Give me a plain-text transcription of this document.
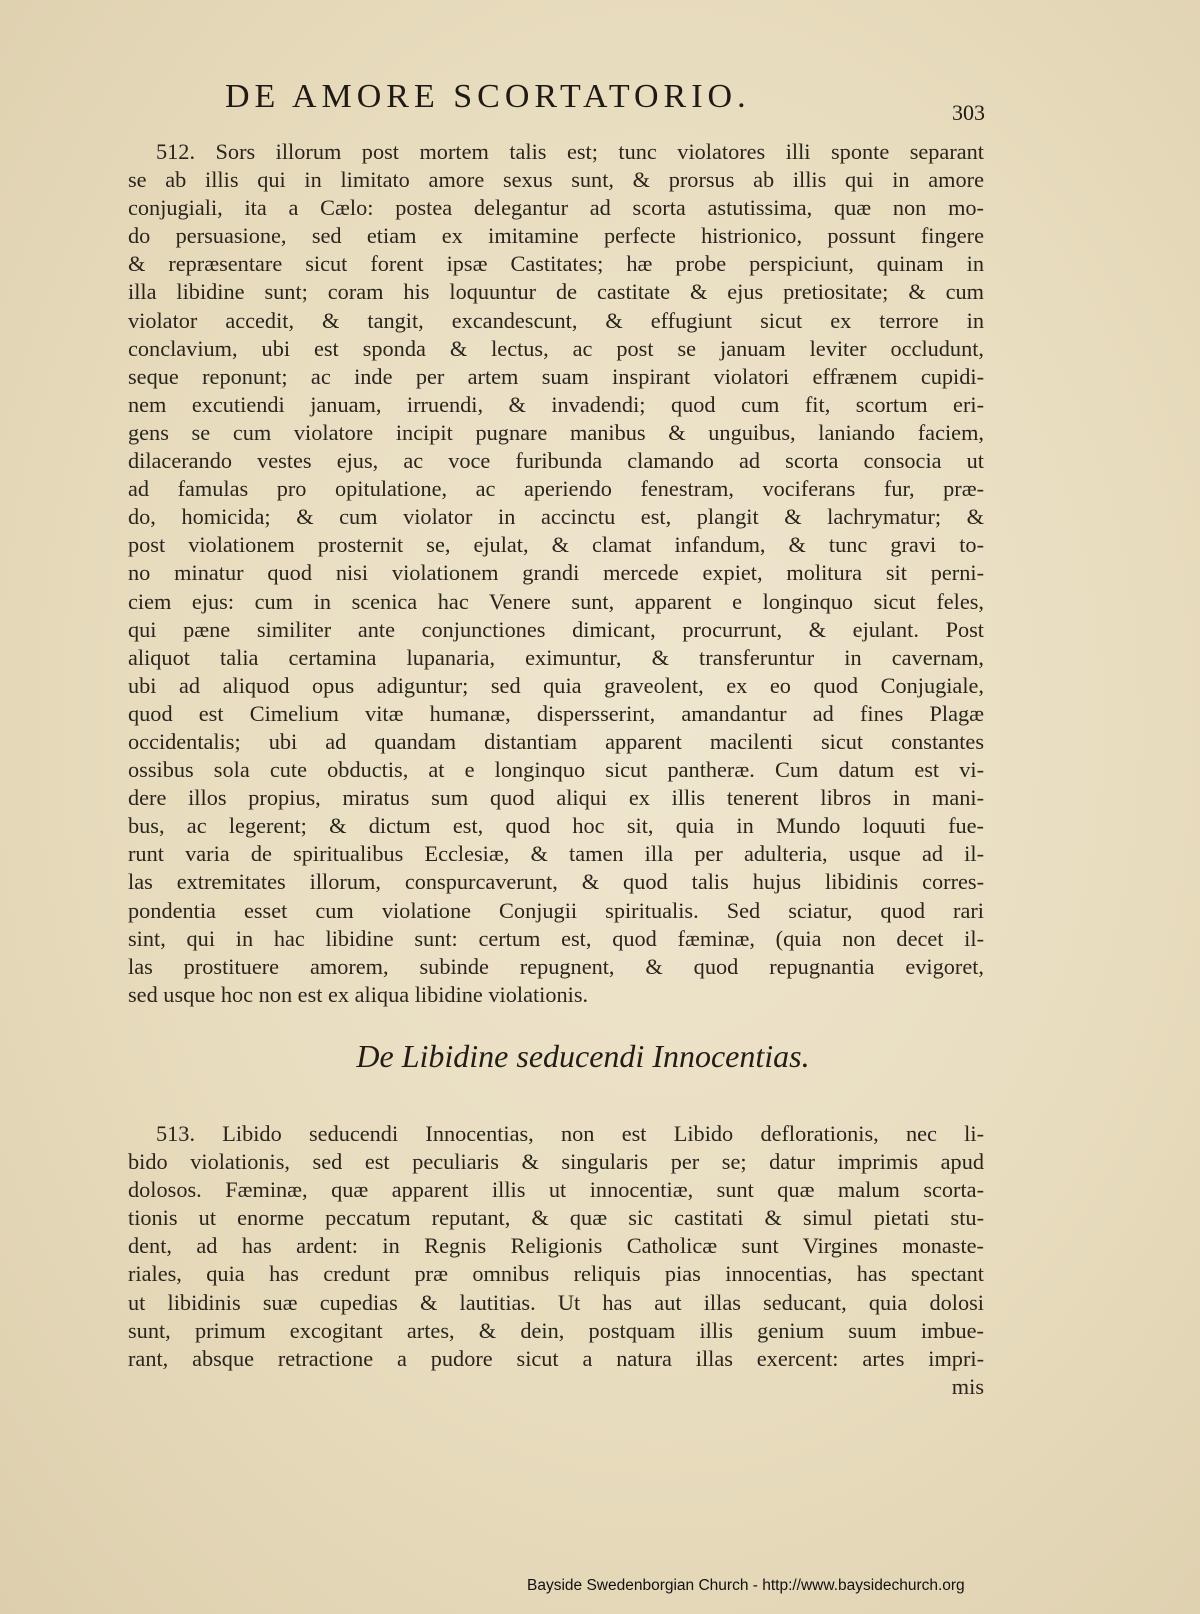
DE AMORE SCORTATORIO.	303
512. Sors illorum post mortem talis est; tunc violatores illi sponte separant
se ab illis qui in limitato amore sexus sunt, & prorsus ab illis qui in amore
conjugiali, ita a Cælo: postea delegantur ad scorta astutissima, quæ non mo-
do persuasione, sed etiam ex imitamine perfecte histrionico, possunt fingere
& repræsentare sicut forent ipsæ Castitates; hæ probe perspiciunt, quinam in
illa libidine sunt; coram his loquuntur de castitate & ejus pretiositate; & cum
violator accedit, & tangit, excandescunt, & effugiunt sicut ex terrore in
conclavium, ubi est sponda & lectus, ac post se januam leviter occludunt,
seque reponunt; ac inde per artem suam inspirant violatori effrænem cupidi-
nem excutiendi januam, irruendi, & invadendi; quod cum fit, scortum eri-
gens se cum violatore incipit pugnare manibus & unguibus, laniando faciem,
dilacerando vestes ejus, ac voce furibunda clamando ad scorta consocia ut
ad famulas pro opitulatione, ac aperiendo fenestram, vociferans fur, præ-
do, homicida; & cum violator in accinctu est, plangit & lachrymatur; &
post violationem prosternit se, ejulat, & clamat infandum, & tunc gravi to-
no minatur quod nisi violationem grandi mercede expiet, molitura sit perni-
ciem ejus: cum in scenica hac Venere sunt, apparent e longinquo sicut feles,
qui pæne similiter ante conjunctiones dimicant, procurrunt, & ejulant. Post
aliquot talia certamina lupanaria, eximuntur, & transferuntur in cavernam,
ubi ad aliquod opus adiguntur; sed quia graveolent, ex eo quod Conjugiale,
quod est Cimelium vitæ humanæ, dispersserint, amandantur ad fines Plagæ
occidentalis; ubi ad quandam distantiam apparent macilenti sicut constantes
ossibus sola cute obductis, at e longinquo sicut pantheræ. Cum datum est vi-
dere illos propius, miratus sum quod aliqui ex illis tenerent libros in mani-
bus, ac legerent; & dictum est, quod hoc sit, quia in Mundo loquuti fue-
runt varia de spiritualibus Ecclesiæ, & tamen illa per adulteria, usque ad il-
las extremitates illorum, conspurcaverunt, & quod talis hujus libidinis corres-
pondentia esset cum violatione Conjugii spiritualis. Sed sciatur, quod rari
sint, qui in hac libidine sunt: certum est, quod fæminæ, (quia non decet il-
las prostituere amorem, subinde repugnent, & quod repugnantia evigoret,
sed usque hoc non est ex aliqua libidine violationis.
De Libidine seducendi Innocentias.
513. Libido seducendi Innocentias, non est Libido deflorationis, nec li-
bido violationis, sed est peculiaris & singularis per se; datur imprimis apud
dolosos. Fæminæ, quæ apparent illis ut innocentiæ, sunt quæ malum scorta-
tionis ut enorme peccatum reputant, & quæ sic castitati & simul pietati stu-
dent, ad has ardent: in Regnis Religionis Catholicæ sunt Virgines monaste-
riales, quia has credunt præ omnibus reliquis pias innocentias, has spectant
ut libidinis suæ cupedias & lautitias. Ut has aut illas seducant, quia dolosi
sunt, primum excogitant artes, & dein, postquam illis genium suum imbue-
rant, absque retractione a pudore sicut a natura illas exercent: artes impri-
mis
Bayside Swedenborgian Church - http://www.baysidechurch.org
